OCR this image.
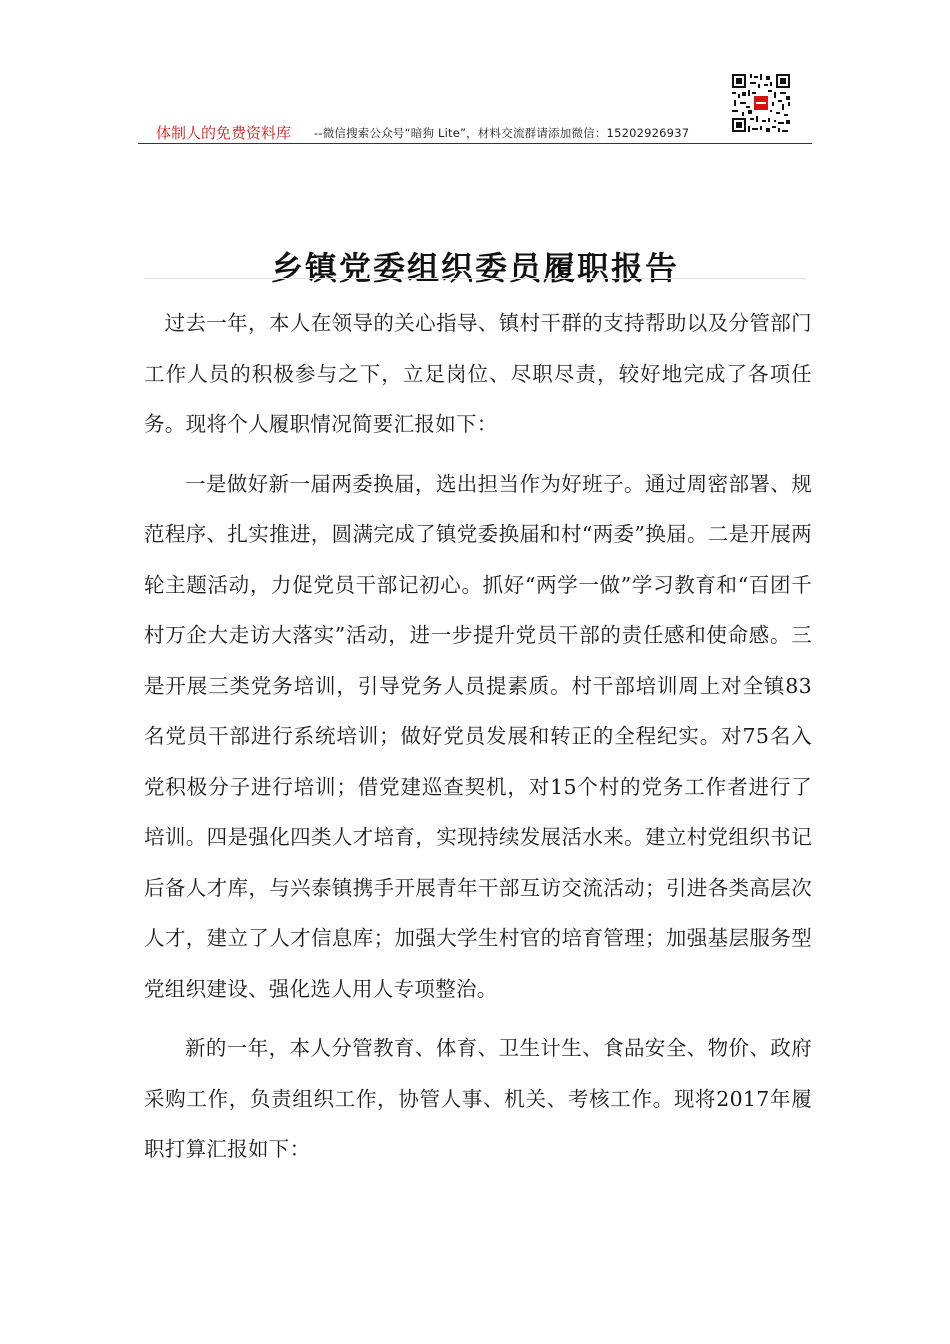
体制人的免费资料库 --微信搜索公众号“暗狗 Lite”，材料交流群请添加微信：15202926937
乡镇党委组织委员履职报告

过去一年，本人在领导的关心指导、镇村干群的支持帮助以及分管部门工作人员的积极参与之下，立足岗位、尽职尽责，较好地完成了各项任务。现将个人履职情况简要汇报如下：

一是做好新一届两委换届，选出担当作为好班子。通过周密部署、规范程序、扎实推进，圆满完成了镇党委换届和村“两委”换届。二是开展两轮主题活动，力促党员干部记初心。抓好“两学一做”学习教育和“百团千村万企大走访大落实”活动，进一步提升党员干部的责任感和使命感。三是开展三类党务培训，引导党务人员提素质。村干部培训周上对全镇83名党员干部进行系统培训；做好党员发展和转正的全程纪实。对75名入党积极分子进行培训；借党建巡查契机，对15个村的党务工作者进行了培训。四是强化四类人才培育，实现持续发展活水来。建立村党组织书记后备人才库，与兴泰镇携手开展青年干部互访交流活动；引进各类高层次人才，建立了人才信息库；加强大学生村官的培育管理；加强基层服务型党组织建设、强化选人用人专项整治。

新的一年，本人分管教育、体育、卫生计生、食品安全、物价、政府采购工作，负责组织工作，协管人事、机关、考核工作。现将2017年履职打算汇报如下：
